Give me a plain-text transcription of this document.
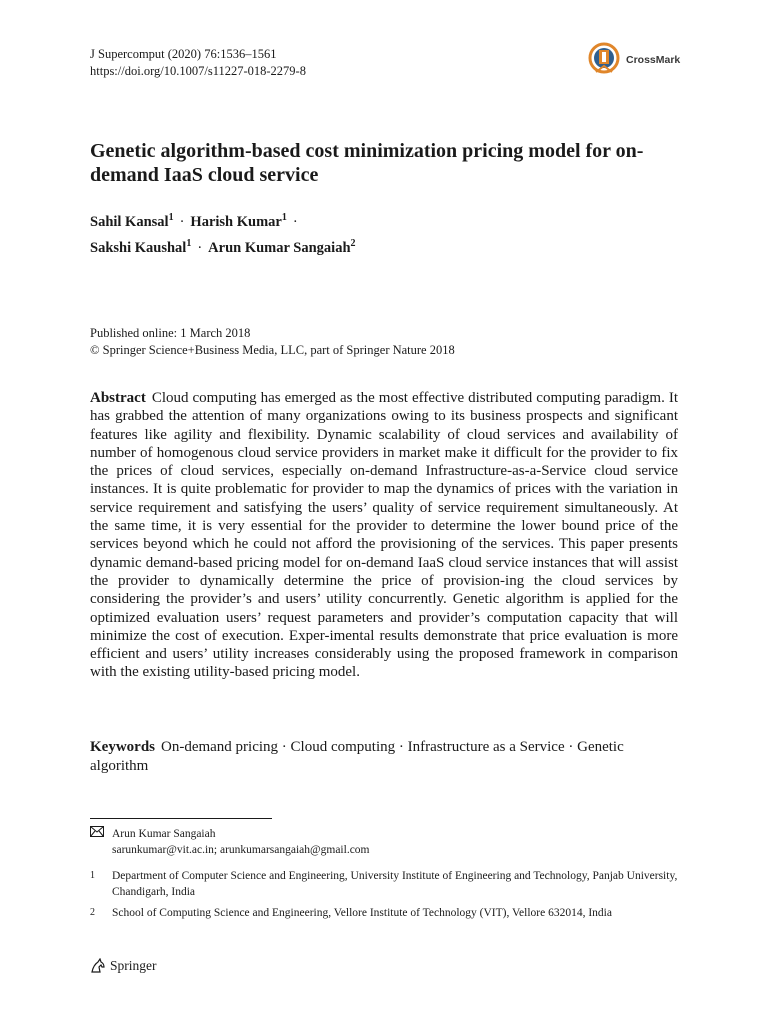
J Supercomput (2020) 76:1536–1561
https://doi.org/10.1007/s11227-018-2279-8
CrossMark
Genetic algorithm-based cost minimization pricing model for on-demand IaaS cloud service
Sahil Kansal$^1$ · Harish Kumar$^1$ ·
Sakshi Kaushal$^1$ · Arun Kumar Sangaiah$^2$
Published online: 1 March 2018
© Springer Science+Business Media, LLC, part of Springer Nature 2018

Abstract Cloud computing has emerged as the most effective distributed computing paradigm. It has grabbed the attention of many organizations owing to its business prospects and significant features like agility and flexibility. Dynamic scalability of cloud services and availability of number of homogenous cloud service providers in market make it difficult for the provider to fix the prices of cloud services, especially on-demand Infrastructure-as-a-Service cloud service instances. It is quite problematic for provider to map the dynamics of prices with the variation in service requirement and satisfying the users’ quality of service requirement simultaneously. At the same time, it is very essential for the provider to determine the lower bound price of the services beyond which he could not afford the provisioning of the services. This paper presents dynamic demand-based pricing model for on-demand IaaS cloud service instances that will assist the provider to dynamically determine the price of provision-ing the cloud services by considering the provider’s and users’ utility concurrently. Genetic algorithm is applied for the optimized evaluation users’ request parameters and provider’s computation capacity that will minimize the cost of execution. Exper-imental results demonstrate that price evaluation is more efficient and users’ utility increases considerably using the proposed framework in comparison with the existing utility-based pricing model.

Keywords On-demand pricing · Cloud computing · Infrastructure as a Service · Genetic algorithm
Arun Kumar Sangaiah
sarunkumar@vit.ac.in; arunkumarsangaiah@gmail.com
1	Department of Computer Science and Engineering, University Institute of Engineering and Technology, Panjab University, Chandigarh, India
2	School of Computing Science and Engineering, Vellore Institute of Technology (VIT), Vellore 632014, India
Springer
